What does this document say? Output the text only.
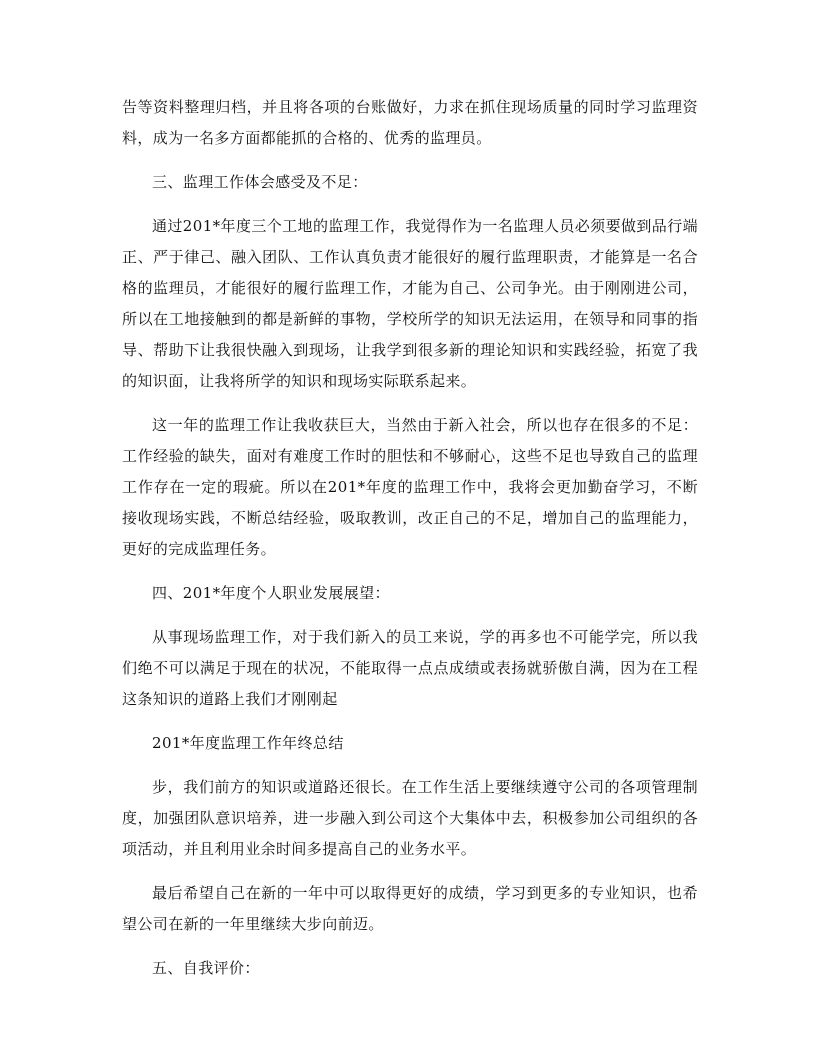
告等资料整理归档，并且将各项的台账做好，力求在抓住现场质量的同时学习监理资料，成为一名多方面都能抓的合格的、优秀的监理员。

三、监理工作体会感受及不足：

通过201*年度三个工地的监理工作，我觉得作为一名监理人员必须要做到品行端正、严于律己、融入团队、工作认真负责才能很好的履行监理职责，才能算是一名合格的监理员，才能很好的履行监理工作，才能为自己、公司争光。由于刚刚进公司，所以在工地接触到的都是新鲜的事物，学校所学的知识无法运用，在领导和同事的指导、帮助下让我很快融入到现场，让我学到很多新的理论知识和实践经验，拓宽了我的知识面，让我将所学的知识和现场实际联系起来。

这一年的监理工作让我收获巨大，当然由于新入社会，所以也存在很多的不足：工作经验的缺失，面对有难度工作时的胆怯和不够耐心，这些不足也导致自己的监理工作存在一定的瑕疵。所以在201*年度的监理工作中，我将会更加勤奋学习，不断接收现场实践，不断总结经验，吸取教训，改正自己的不足，增加自己的监理能力，更好的完成监理任务。

四、201*年度个人职业发展展望：

从事现场监理工作，对于我们新入的员工来说，学的再多也不可能学完，所以我们绝不可以满足于现在的状况，不能取得一点点成绩或表扬就骄傲自满，因为在工程这条知识的道路上我们才刚刚起

201*年度监理工作年终总结

步，我们前方的知识或道路还很长。在工作生活上要继续遵守公司的各项管理制度，加强团队意识培养，进一步融入到公司这个大集体中去，积极参加公司组织的各项活动，并且利用业余时间多提高自己的业务水平。

最后希望自己在新的一年中可以取得更好的成绩，学习到更多的专业知识，也希望公司在新的一年里继续大步向前迈。

五、自我评价：
